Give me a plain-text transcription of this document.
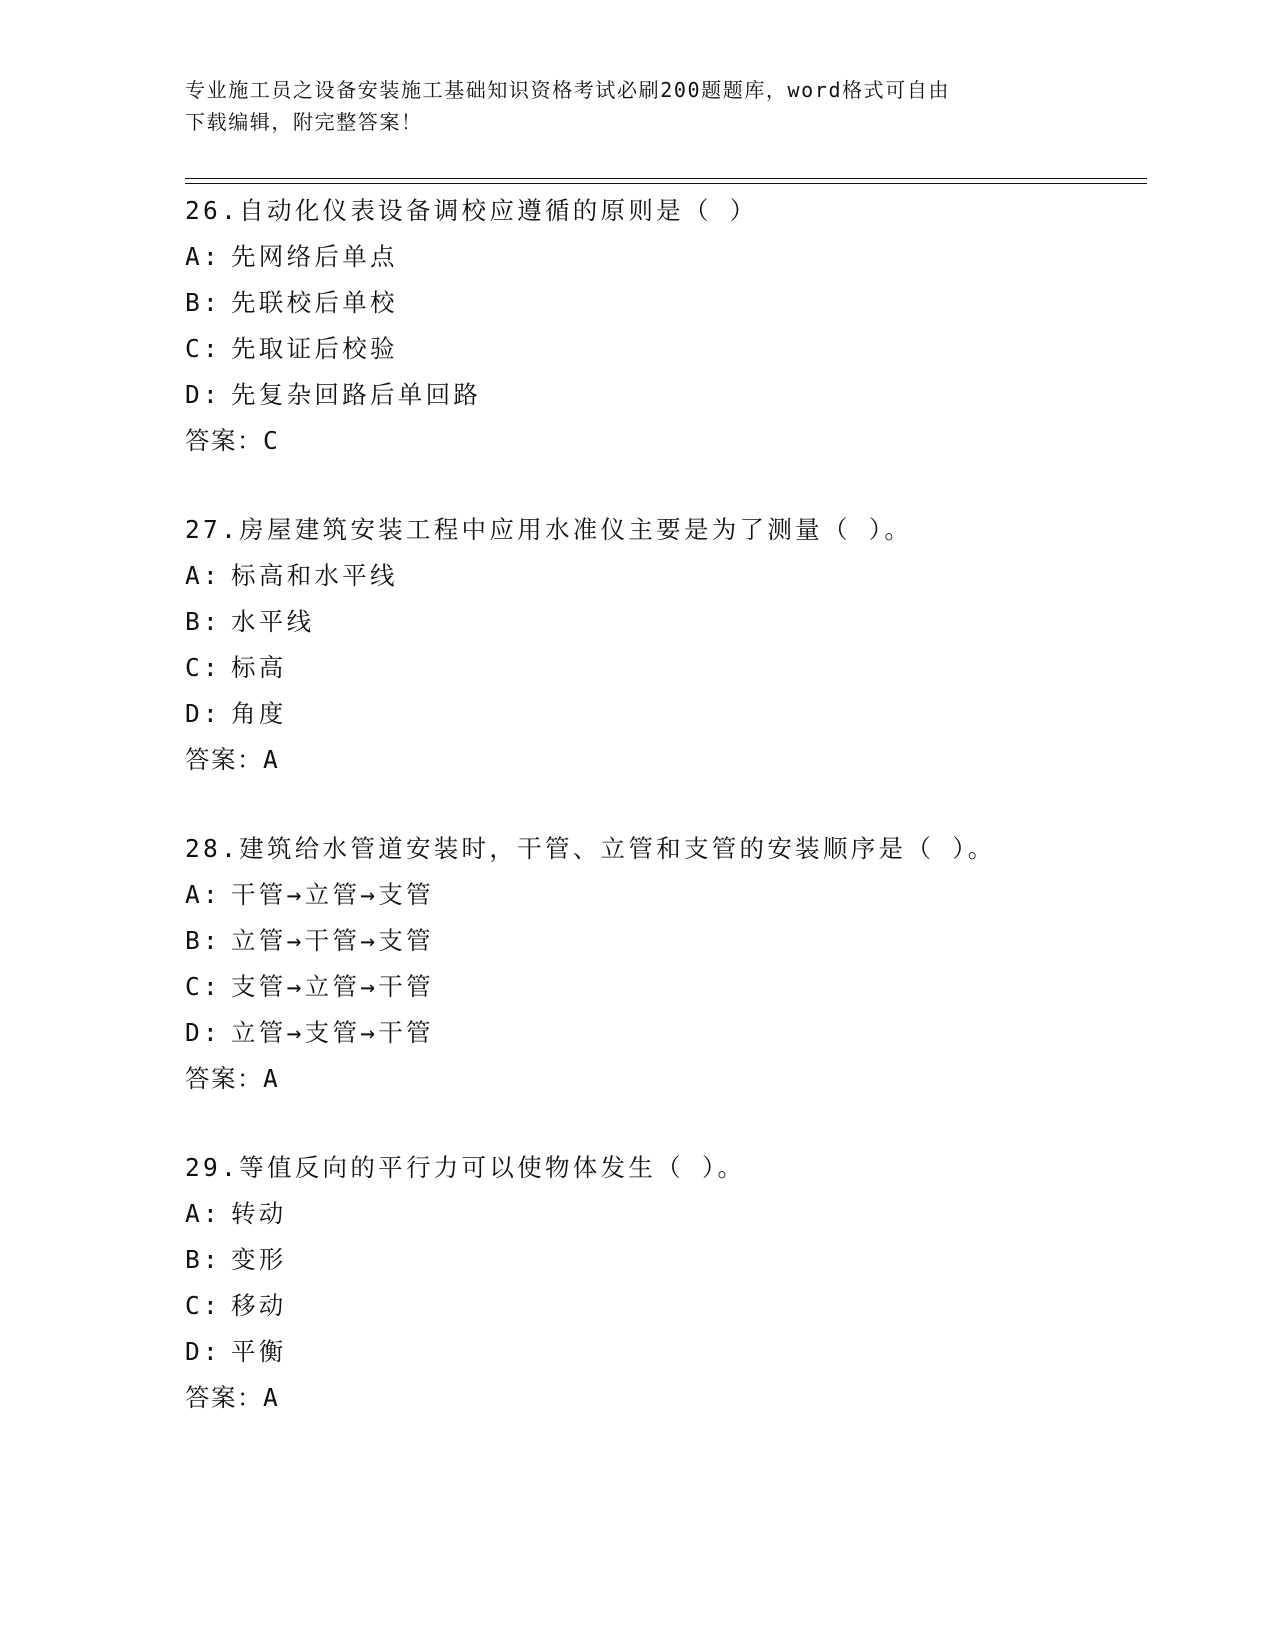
专业施工员之设备安装施工基础知识资格考试必刷200题题库，word格式可自由
下载编辑，附完整答案！
26.自动化仪表设备调校应遵循的原则是（ ）
A: 先网络后单点
B: 先联校后单校
C: 先取证后校验
D: 先复杂回路后单回路
答案：C
27.房屋建筑安装工程中应用水准仪主要是为了测量（ ）。
A: 标高和水平线
B: 水平线
C: 标高
D: 角度
答案：A
28.建筑给水管道安装时，干管、立管和支管的安装顺序是（ ）。
A: 干管→立管→支管
B: 立管→干管→支管
C: 支管→立管→干管
D: 立管→支管→干管
答案：A
29.等值反向的平行力可以使物体发生（ ）。
A: 转动
B: 变形
C: 移动
D: 平衡
答案：A
